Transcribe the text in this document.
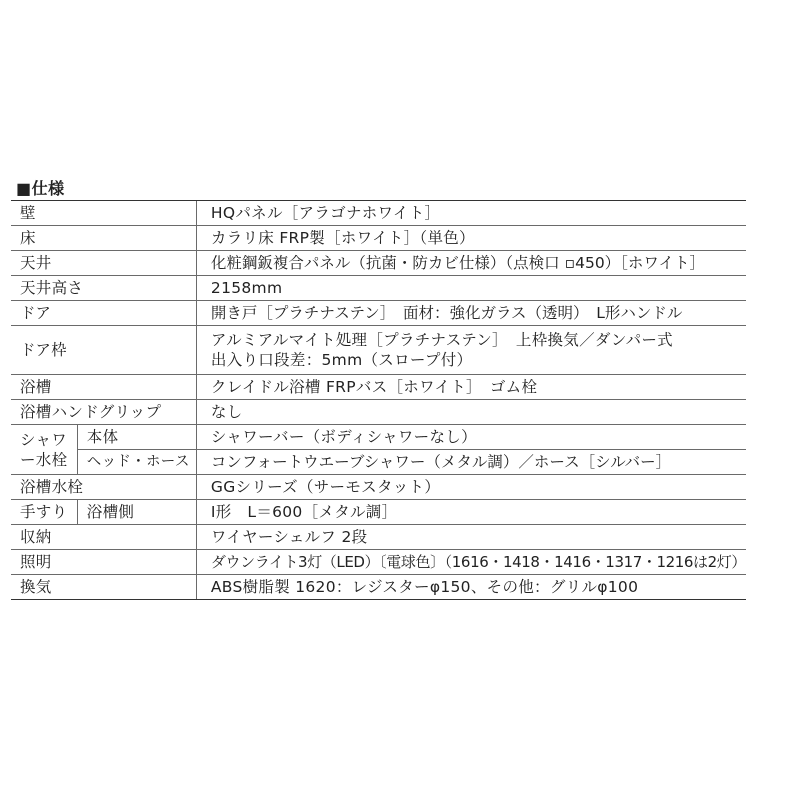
■仕様
壁		HQパネル［アラゴナホワイト］
床		カラリ床 FRP製［ホワイト］（単色）
天井		化粧鋼鈑複合パネル（抗菌・防カビ仕様）（点検口 ▫450）［ホワイト］
天井高さ		2158mm
ドア		開き戸［プラチナステン］　面材：強化ガラス（透明）　L形ハンドル
ドア枠		アルミアルマイト処理［プラチナステン］　上枠換気／ダンパー式
出入り口段差：5mm（スロープ付）

浴槽		クレイドル浴槽 FRPバス［ホワイト］　ゴム栓
浴槽ハンドグリップ		なし
シャワー水栓	本体	シャワーバー（ボディシャワーなし）
	ヘッド・ホース	コンフォートウエーブシャワー（メタル調）／ホース［シルバー］
浴槽水栓		GGシリーズ（サーモスタット）
手すり	浴槽側	Ⅰ形　L＝600［メタル調］
収納		ワイヤーシェルフ 2段
照明		ダウンライト3灯（LED）〔電球色〕（1616・1418・1416・1317・1216は2灯）
換気		ABS樹脂製 1620：レジスターφ150、その他：グリルφ100
